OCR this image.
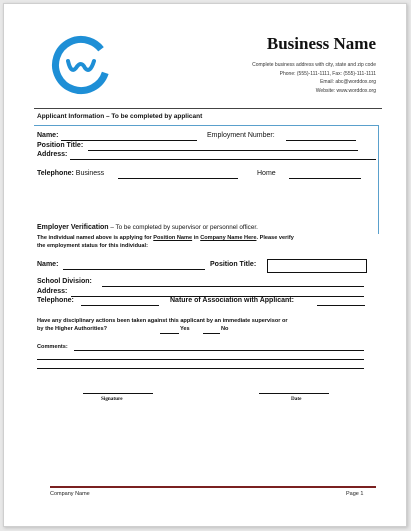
Business Name
Complete business address with city, state and zip code
Phone: (555)-111-1111, Fax: (555)-111-1111
Email: abc@worddox.org
Website: www.worddox.org
Applicant Information – To be completed by applicant
Name:	Employment Number:
Position Title:
Address:
Telephone: Business	Home
Employer Verification – To be completed by supervisor or personnel officer.
The individual named above is applying for Position Name in Company Name Here. Please verify
the employment status for this individual:
Name:	Position Title:
School Division:
Address:
Telephone:	Nature of Association with Applicant:
Have any disciplinary actions been taken against this applicant by an immediate supervisor or
by the Higher Authorities?	Yes	No
Comments:
Signature	Date
Company Name	Page 1
